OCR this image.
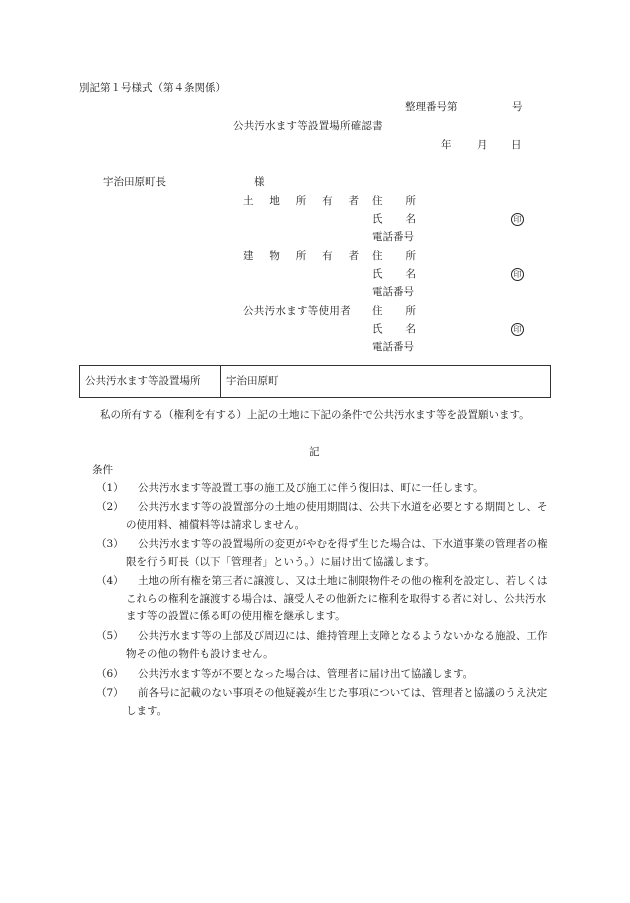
別記第１号様式（第４条関係）
整理番号第	号
公共汚水ます等設置場所確認書
年 月 日
宇治田原町長	様
土 地 所 有 者 住 所
氏 名	印
電話番号
建 物 所 有 者 住 所
氏 名	印
電話番号
公共汚水ます等使用者 住 所
氏 名	印
電話番号
公共汚水ます等設置場所	宇治田原町
私の所有する（権利を有する）上記の土地に下記の条件で公共汚水ます等を設置願います。
記
条件
（1）	公共汚水ます等設置工事の施工及び施工に伴う復旧は、町に一任します。
（2）	公共汚水ます等の設置部分の土地の使用期間は、公共下水道を必要とする期間とし、その使用料、補償料等は請求しません。
（3）	公共汚水ます等の設置場所の変更がやむを得ず生じた場合は、下水道事業の管理者の権限を行う町長（以下「管理者」という。）に届け出て協議します。
（4）	土地の所有権を第三者に譲渡し、又は土地に制限物件その他の権利を設定し、若しくはこれらの権利を譲渡する場合は、譲受人その他新たに権利を取得する者に対し、公共汚水ます等の設置に係る町の使用権を継承します。
（5）	公共汚水ます等の上部及び周辺には、維持管理上支障となるようないかなる施設、工作物その他の物件も設けません。
（6）	公共汚水ます等が不要となった場合は、管理者に届け出て協議します。
（7）	前各号に記載のない事項その他疑義が生じた事項については、管理者と協議のうえ決定します。
